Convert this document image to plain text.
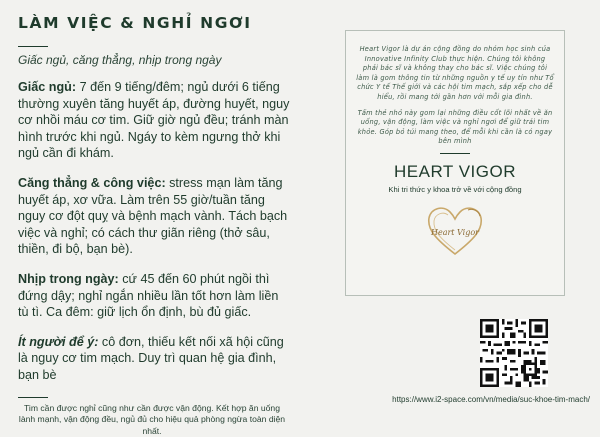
LÀM VIỆC & NGHỈ NGƠI
Giấc ngủ, căng thẳng, nhịp trong ngày
Giấc ngủ: 7 đến 9 tiếng/đêm; ngủ dưới 6 tiếng thường xuyên tăng huyết áp, đường huyết, nguy cơ nhồi máu cơ tim. Giữ giờ ngủ đều; tránh màn hình trước khi ngủ. Ngáy to kèm ngưng thở khi ngủ cần đi khám.
Căng thẳng & công việc: stress mạn làm tăng huyết áp, xơ vữa. Làm trên 55 giờ/tuần tăng nguy cơ đột quỵ và bệnh mạch vành. Tách bạch việc và nghỉ; có cách thư giãn riêng (thở sâu, thiền, đi bộ, bạn bè).
Nhịp trong ngày: cứ 45 đến 60 phút ngồi thì đứng dậy; nghỉ ngắn nhiều lần tốt hơn làm liền tù tì. Ca đêm: giữ lịch ổn định, bù đủ giấc.
Ít người để ý: cô đơn, thiếu kết nối xã hội cũng là nguy cơ tim mạch. Duy trì quan hệ gia đình, bạn bè
Tim cần được nghỉ cũng như cần được vận động. Kết hợp ăn uống lành mạnh, vận động đều, ngủ đủ cho hiệu quả phòng ngừa toàn diện nhất.

Heart Vigor là dự án cộng đồng do nhóm học sinh của Innovative Infinity Club thực hiện. Chúng tôi không phải bác sĩ và không thay cho bác sĩ. Việc chúng tôi làm là gom thông tin từ những nguồn y tế uy tín như Tổ chức Y tế Thế giới và các hội tim mạch, sắp xếp cho dễ hiểu, rồi mang tới gần hơn với mỗi gia đình.

Tấm thẻ nhỏ này gom lại những điều cốt lõi nhất về ăn uống, vận động, làm việc và nghỉ ngơi để giữ trái tim khỏe. Góp bỏ túi mang theo, để mỗi khi cần là có ngay bên mình

HEART VIGOR
Khi tri thức y khoa trở về với cộng đồng
Heart Vigor
https://www.i2-space.com/vn/media/suc-khoe-tim-mach/
